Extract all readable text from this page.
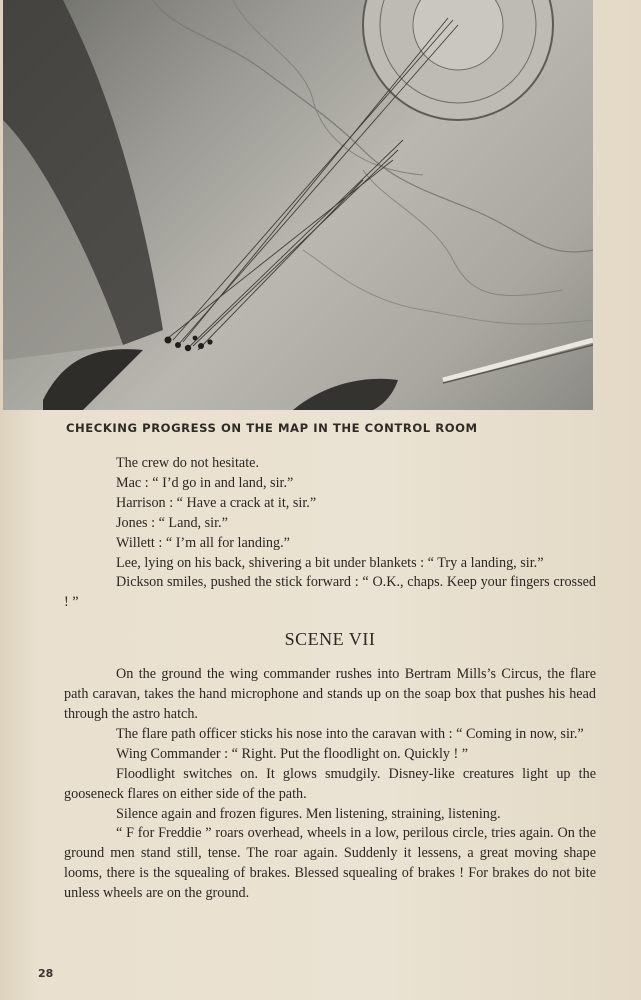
CHECKING PROGRESS ON THE MAP IN THE CONTROL ROOM

The crew do not hesitate.

Mac : “ I’d go in and land, sir.”

Harrison : “ Have a crack at it, sir.”

Jones : “ Land, sir.”

Willett : “ I’m all for landing.”

Lee, lying on his back, shivering a bit under blankets : “ Try a landing, sir.”

Dickson smiles, pushed the stick forward : “ O.K., chaps. Keep your fingers crossed ! ”

SCENE VII

On the ground the wing commander rushes into Bertram Mills’s Circus, the flare path caravan, takes the hand microphone and stands up on the soap box that pushes his head through the astro hatch.

The flare path officer sticks his nose into the caravan with : “ Coming in now, sir.”

Wing Commander : “ Right. Put the floodlight on. Quickly ! ”

Floodlight switches on. It glows smudgily. Disney-like creatures light up the gooseneck flares on either side of the path.

Silence again and frozen figures. Men listening, straining, listening.

“ F for Freddie ” roars overhead, wheels in a low, perilous circle, tries again. On the ground men stand still, tense. The roar again. Suddenly it lessens, a great moving shape looms, there is the squealing of brakes. Blessed squealing of brakes ! For brakes do not bite unless wheels are on the ground.

28
